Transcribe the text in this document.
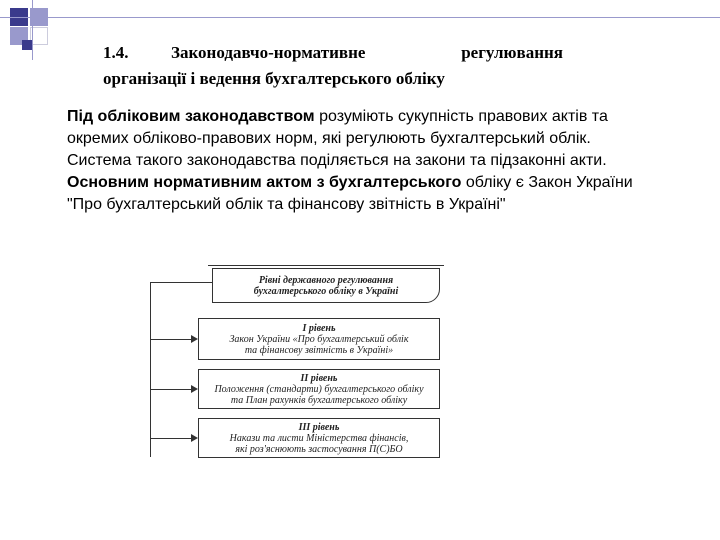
1.4.	Законодавчо-нормативне	регулювання
організації і ведення бухгалтерського обліку

Під обліковим законодавством розуміють сукупність правових актів та окремих обліково-правових норм, які регулюють бухгалтерський облік. Система такого законодавства поділяється на закони та підзаконні акти.

Основним нормативним актом з бухгалтерського обліку є Закон України "Про бухгалтерський облік та фінансову звітність в Україні"

Рівні державного регулювання
бухгалтерського обліку в Україні
І рівень
Закон України «Про бухгалтерський облік
та фінансову звітність в Україні»
ІІ рівень
Положення (стандарти) бухгалтерського обліку
та План рахунків бухгалтерського обліку
ІІІ рівень
Накази та листи Міністерства фінансів,
які роз'яснюють застосування П(С)БО
